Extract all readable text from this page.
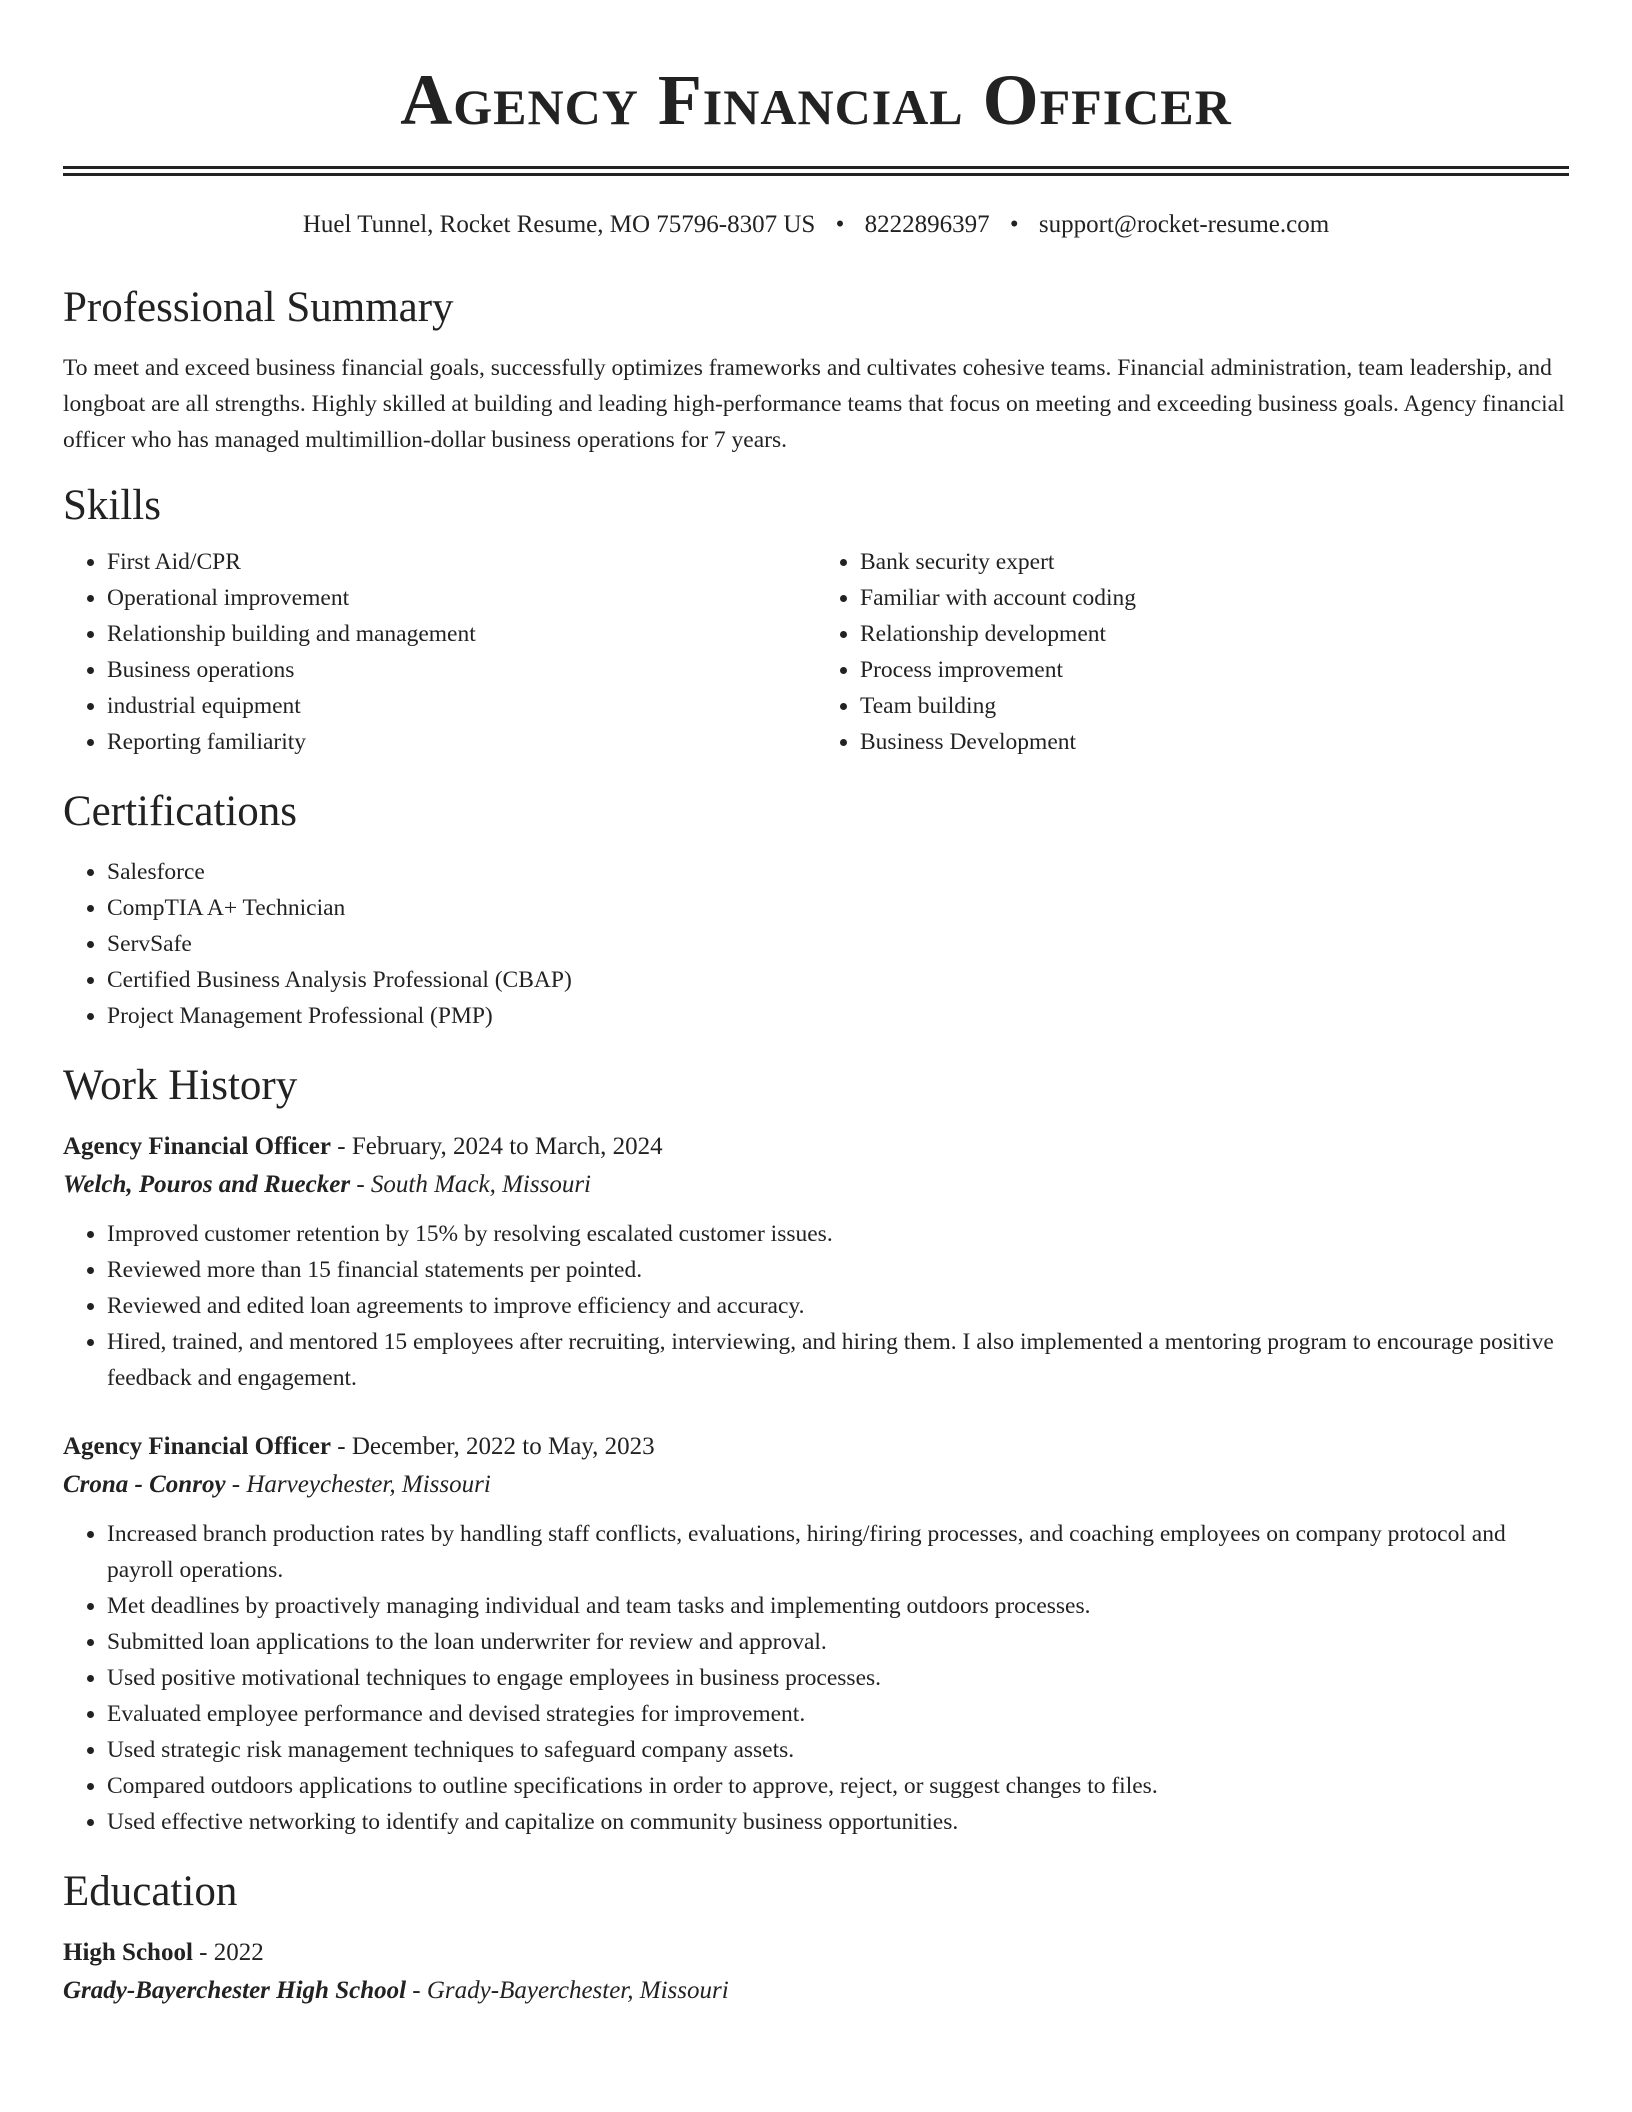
Agency Financial Officer
Huel Tunnel, Rocket Resume, MO 75796-8307 US • 8222896397 • support@rocket-resume.com
Professional Summary

To meet and exceed business financial goals, successfully optimizes frameworks and cultivates cohesive teams. Financial administration, team leadership, and longboat are all strengths. Highly skilled at building and leading high-performance teams that focus on meeting and exceeding business goals. Agency financial officer who has managed multimillion-dollar business operations for 7 years.

Skills
• First Aid/CPR
• Operational improvement
• Relationship building and management
• Business operations
• industrial equipment
• Reporting familiarity
• Bank security expert
• Familiar with account coding
• Relationship development
• Process improvement
• Team building
• Business Development
Certifications
• Salesforce
• CompTIA A+ Technician
• ServSafe
• Certified Business Analysis Professional (CBAP)
• Project Management Professional (PMP)
Work History
Agency Financial Officer - February, 2024 to March, 2024
Welch, Pouros and Ruecker - South Mack, Missouri
• Improved customer retention by 15% by resolving escalated customer issues.
• Reviewed more than 15 financial statements per pointed.
• Reviewed and edited loan agreements to improve efficiency and accuracy.
• Hired, trained, and mentored 15 employees after recruiting, interviewing, and hiring them. I also implemented a mentoring program to encourage positive feedback and engagement.
Agency Financial Officer - December, 2022 to May, 2023
Crona - Conroy - Harveychester, Missouri
• Increased branch production rates by handling staff conflicts, evaluations, hiring/firing processes, and coaching employees on company protocol and payroll operations.
• Met deadlines by proactively managing individual and team tasks and implementing outdoors processes.
• Submitted loan applications to the loan underwriter for review and approval.
• Used positive motivational techniques to engage employees in business processes.
• Evaluated employee performance and devised strategies for improvement.
• Used strategic risk management techniques to safeguard company assets.
• Compared outdoors applications to outline specifications in order to approve, reject, or suggest changes to files.
• Used effective networking to identify and capitalize on community business opportunities.
Education
High School - 2022
Grady-Bayerchester High School - Grady-Bayerchester, Missouri
